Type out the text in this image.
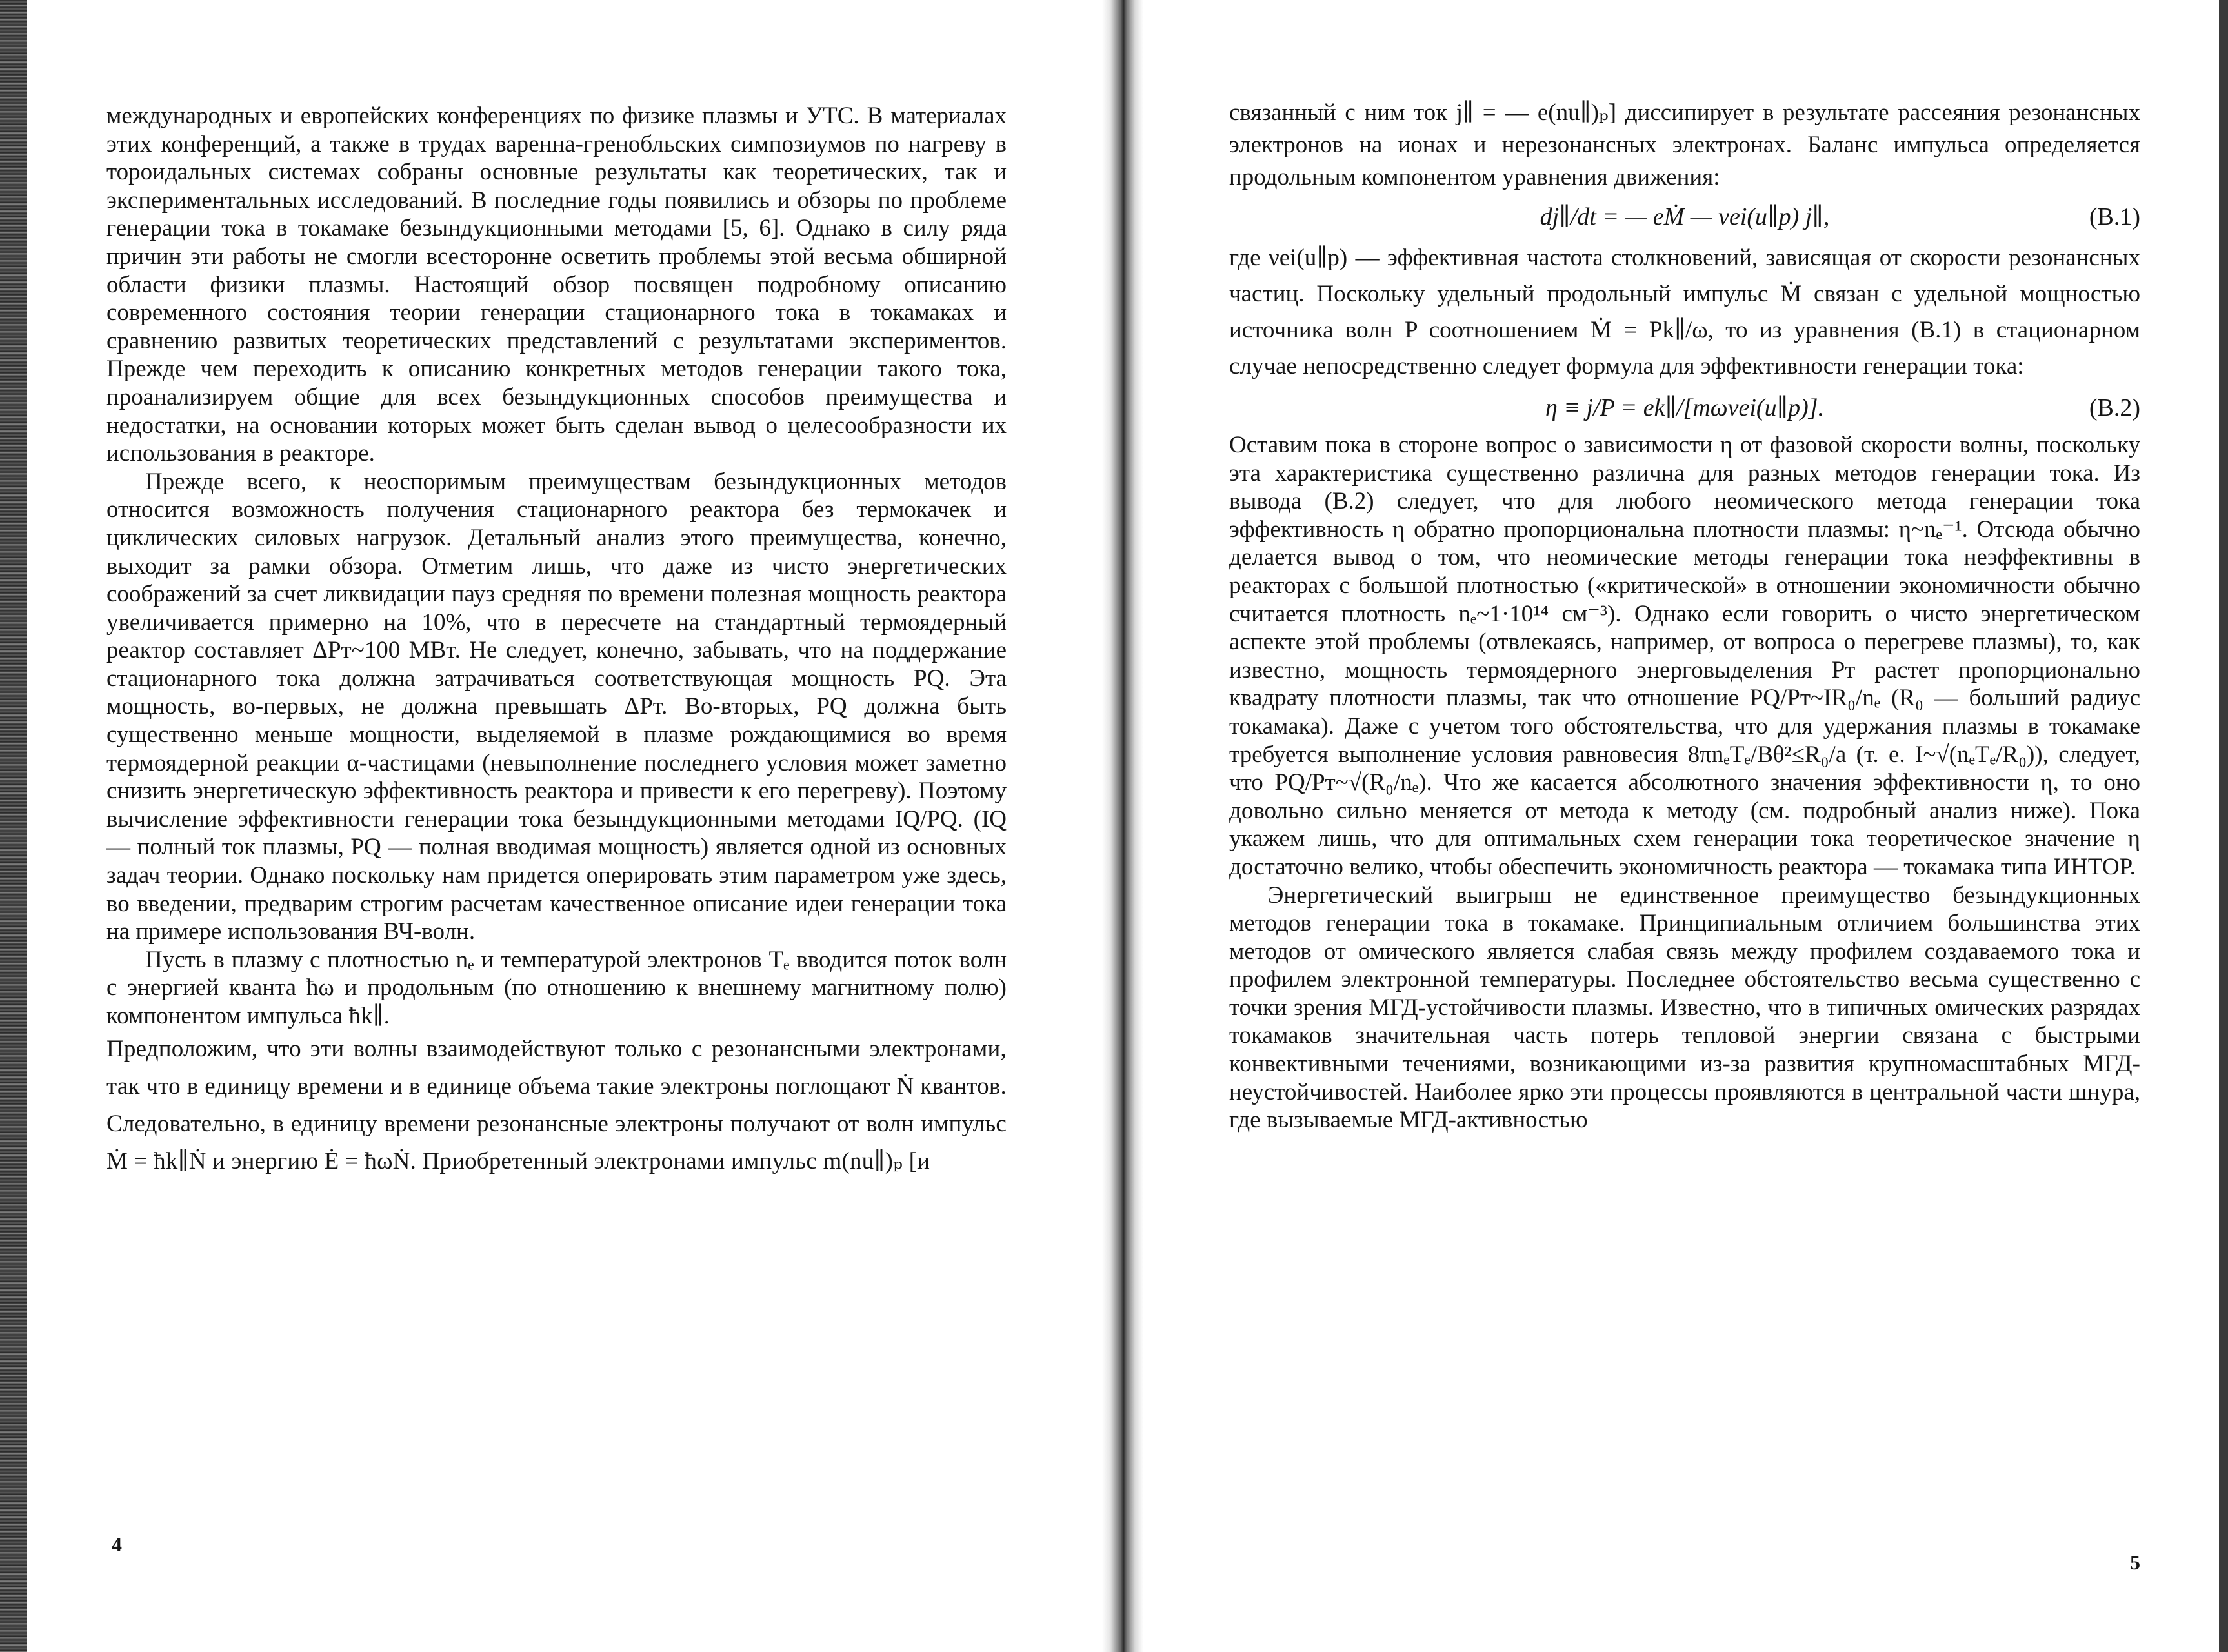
международных и европейских конференциях по физике плазмы и УТС. В материалах этих конференций, а также в трудах варенна-гренобльских симпозиумов по нагреву в тороидальных системах собраны основные результаты как теоретических, так и экспериментальных исследований. В последние годы появились и обзоры по проблеме генерации тока в токамаке безындукционными методами [5, 6]. Однако в силу ряда причин эти работы не смогли всесторонне осветить проблемы этой весьма обширной области физики плазмы. Настоящий обзор посвящен подробному описанию современного состояния теории генерации стационарного тока в токамаках и сравнению развитых теоретических представлений с результатами экспериментов. Прежде чем переходить к описанию конкретных методов генерации такого тока, проанализируем общие для всех безындукционных способов преимущества и недостатки, на основании которых может быть сделан вывод о целесообразности их использования в реакторе.

Прежде всего, к неоспоримым преимуществам безындукционных методов относится возможность получения стационарного реактора без термокачек и циклических силовых нагрузок. Детальный анализ этого преимущества, конечно, выходит за рамки обзора. Отметим лишь, что даже из чисто энергетических соображений за счет ликвидации пауз средняя по времени полезная мощность реактора увеличивается примерно на 10%, что в пересчете на стандартный термоядерный реактор составляет ΔPт~100 МВт. Не следует, конечно, забывать, что на поддержание стационарного тока должна затрачиваться соответствующая мощность PQ. Эта мощность, во-первых, не должна превышать ΔPт. Во-вторых, PQ должна быть существенно меньше мощности, выделяемой в плазме рождающимися во время термоядерной реакции α-частицами (невыполнение последнего условия может заметно снизить энергетическую эффективность реактора и привести к его перегреву). Поэтому вычисление эффективности генерации тока безындукционными методами IQ/PQ. (IQ — полный ток плазмы, PQ — полная вводимая мощность) является одной из основных задач теории. Однако поскольку нам придется оперировать этим параметром уже здесь, во введении, предварим строгим расчетам качественное описание идеи генерации тока на примере использования ВЧ-волн.

Пусть в плазму с плотностью nₑ и температурой электронов Tₑ вводится поток волн с энергией кванта ħω и продольным (по отношению к внешнему магнитному полю) компонентом импульса ħk∥.

Предположим, что эти волны взаимодействуют только с резонансными электронами, так что в единицу времени и в единице объема такие электроны поглощают Ṅ квантов. Следовательно, в единицу времени резонансные электроны получают от волн импульс Ṁ = ħk∥Ṅ и энергию Ė = ħωṄ. Приобретенный электронами импульс m(nu∥)ₚ [и

4

связанный с ним ток j∥ = — e(nu∥)ₚ] диссипирует в результате рассеяния резонансных электронов на ионах и нерезонансных электронах. Баланс импульса определяется продольным компонентом уравнения движения:

dj∥/dt = — eṀ — νei(u∥p) j∥,	(B.1)

где νei(u∥p) — эффективная частота столкновений, зависящая от скорости резонансных частиц. Поскольку удельный продольный импульс Ṁ связан с удельной мощностью источника волн P соотношением Ṁ = Pk∥/ω, то из уравнения (B.1) в стационарном случае непосредственно следует формула для эффективности генерации тока:

η ≡ j/P = ek∥/[mωνei(u∥p)].	(B.2)

Оставим пока в стороне вопрос о зависимости η от фазовой скорости волны, поскольку эта характеристика существенно различна для разных методов генерации тока. Из вывода (B.2) следует, что для любого неомического метода генерации тока эффективность η обратно пропорциональна плотности плазмы: η~nₑ⁻¹. Отсюда обычно делается вывод о том, что неомические методы генерации тока неэффективны в реакторах с большой плотностью («критической» в отношении экономичности обычно считается плотность nₑ~1·10¹⁴ см⁻³). Однако если говорить о чисто энергетическом аспекте этой проблемы (отвлекаясь, например, от вопроса о перегреве плазмы), то, как известно, мощность термоядерного энерговыделения Pт растет пропорционально квадрату плотности плазмы, так что отношение PQ/Pт~IR₀/nₑ (R₀ — больший радиус токамака). Даже с учетом того обстоятельства, что для удержания плазмы в токамаке требуется выполнение условия равновесия 8πnₑTₑ/Bθ²≤R₀/a (т. е. I~√(nₑTₑ/R₀)), следует, что PQ/Pт~√(R₀/nₑ). Что же касается абсолютного значения эффективности η, то оно довольно сильно меняется от метода к методу (см. подробный анализ ниже). Пока укажем лишь, что для оптимальных схем генерации тока теоретическое значение η достаточно велико, чтобы обеспечить экономичность реактора — токамака типа ИНТОР.

Энергетический выигрыш не единственное преимущество безындукционных методов генерации тока в токамаке. Принципиальным отличием большинства этих методов от омического является слабая связь между профилем создаваемого тока и профилем электронной температуры. Последнее обстоятельство весьма существенно с точки зрения МГД-устойчивости плазмы. Известно, что в типичных омических разрядах токамаков значительная часть потерь тепловой энергии связана с быстрыми конвективными течениями, возникающими из-за развития крупномасштабных МГД-неустойчивостей. Наиболее ярко эти процессы проявляются в центральной части шнура, где вызываемые МГД-активностью

5
